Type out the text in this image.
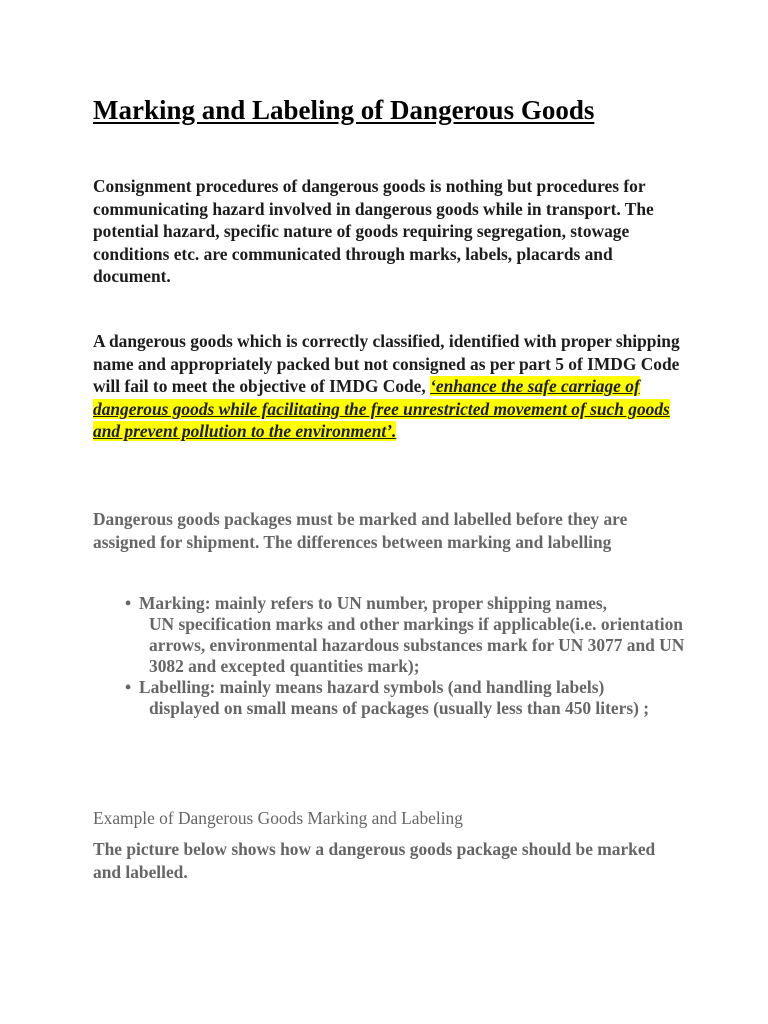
Marking and Labeling of Dangerous Goods

Consignment procedures of dangerous goods is nothing but procedures for communicating hazard involved in dangerous goods while in transport. The potential hazard, specific nature of goods requiring segregation, stowage conditions etc. are communicated through marks, labels, placards and document.

A dangerous goods which is correctly classified, identified with proper shipping name and appropriately packed but not consigned as per part 5 of IMDG Code will fail to meet the objective of IMDG Code, ‘enhance the safe carriage of dangerous goods while facilitating the free unrestricted movement of such goods and prevent pollution to the environment’.

Dangerous goods packages must be marked and labelled before they are assigned for shipment. The differences between marking and labelling

• Marking: mainly refers to UN number, proper shipping names,
UN specification marks and other markings if applicable(i.e. orientation arrows, environmental hazardous substances mark for UN 3077 and UN 3082 and excepted quantities mark);
• Labelling: mainly means hazard symbols (and handling labels)
displayed on small means of packages (usually less than 450 liters) ;

Example of Dangerous Goods Marking and Labeling

The picture below shows how a dangerous goods package should be marked and labelled.
